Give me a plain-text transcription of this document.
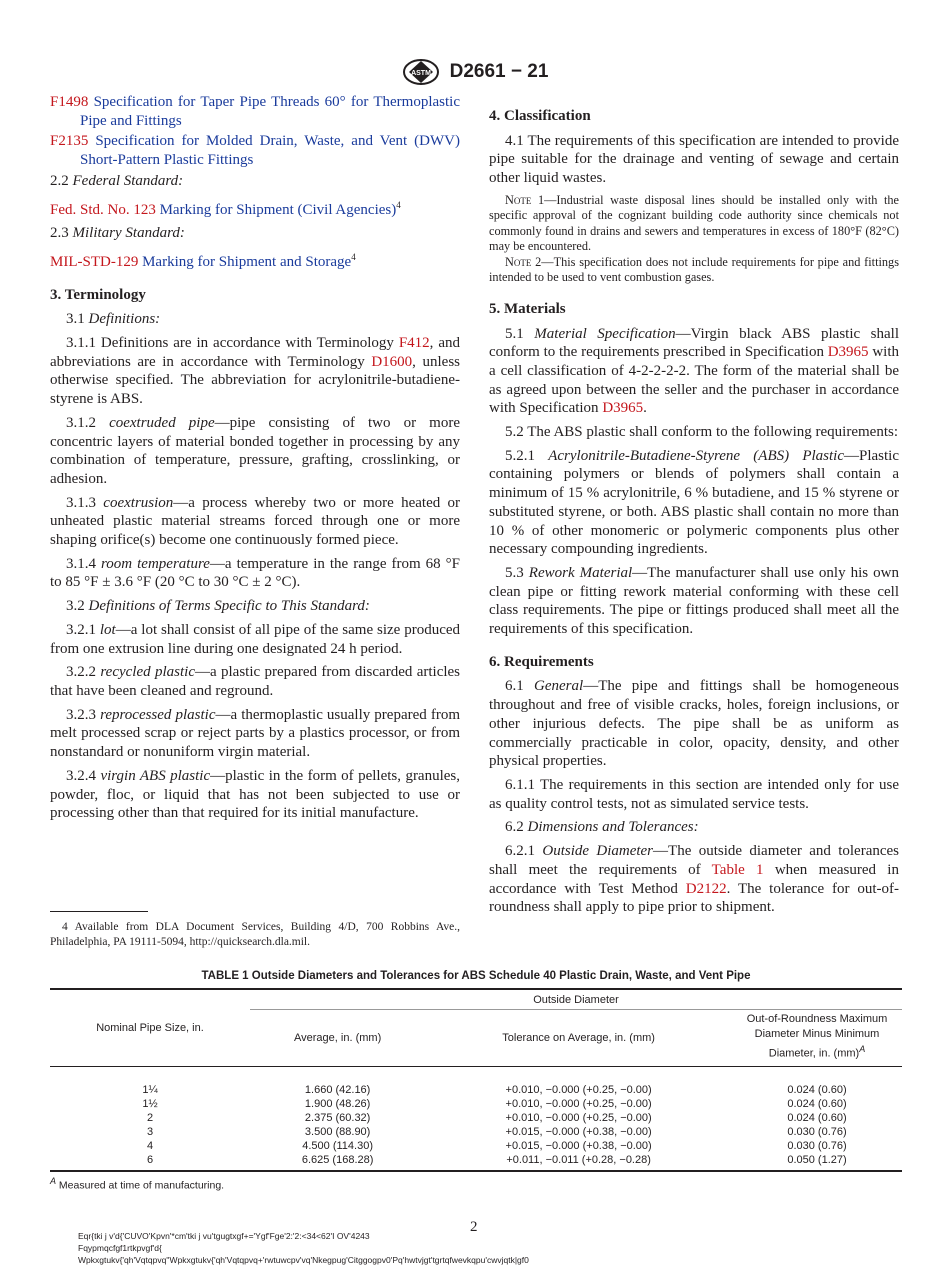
ASTM D2661 − 21

F1498 Specification for Taper Pipe Threads 60° for Thermoplastic Pipe and Fittings

F2135 Specification for Molded Drain, Waste, and Vent (DWV) Short-Pattern Plastic Fittings

2.2 Federal Standard:

Fed. Std. No. 123 Marking for Shipment (Civil Agencies)$^4$

2.3 Military Standard:

MIL-STD-129 Marking for Shipment and Storage$^4$

3. Terminology

3.1 Definitions:

3.1.1 Definitions are in accordance with Terminology F412, and abbreviations are in accordance with Terminology D1600, unless otherwise specified. The abbreviation for acrylonitrile-butadiene-styrene is ABS.

3.1.2 coextruded pipe—pipe consisting of two or more concentric layers of material bonded together in processing by any combination of temperature, pressure, grafting, crosslinking, or adhesion.

3.1.3 coextrusion—a process whereby two or more heated or unheated plastic material streams forced through one or more shaping orifice(s) become one continuously formed piece.

3.1.4 room temperature—a temperature in the range from 68 °F to 85 °F ± 3.6 °F (20 °C to 30 °C ± 2 °C).

3.2 Definitions of Terms Specific to This Standard:

3.2.1 lot—a lot shall consist of all pipe of the same size produced from one extrusion line during one designated 24 h period.

3.2.2 recycled plastic—a plastic prepared from discarded articles that have been cleaned and reground.

3.2.3 reprocessed plastic—a thermoplastic usually prepared from melt processed scrap or reject parts by a plastics processor, or from nonstandard or nonuniform virgin material.

3.2.4 virgin ABS plastic—plastic in the form of pellets, granules, powder, floc, or liquid that has not been subjected to use or processing other than that required for its initial manufacture.

4. Classification

4.1 The requirements of this specification are intended to provide pipe suitable for the drainage and venting of sewage and certain other liquid wastes.

Note 1—Industrial waste disposal lines should be installed only with the specific approval of the cognizant building code authority since chemicals not commonly found in drains and sewers and temperatures in excess of 180°F (82°C) may be encountered.

Note 2—This specification does not include requirements for pipe and fittings intended to be used to vent combustion gases.

5. Materials

5.1 Material Specification—Virgin black ABS plastic shall conform to the requirements prescribed in Specification D3965 with a cell classification of 4-2-2-2-2. The form of the material shall be as agreed upon between the seller and the purchaser in accordance with Specification D3965.

5.2 The ABS plastic shall conform to the following requirements:

5.2.1 Acrylonitrile-Butadiene-Styrene (ABS) Plastic—Plastic containing polymers or blends of polymers shall contain a minimum of 15 % acrylonitrile, 6 % butadiene, and 15 % styrene or substituted styrene, or both. ABS plastic shall contain no more than 10 % of other monomeric or polymeric components plus other necessary compounding ingredients.

5.3 Rework Material—The manufacturer shall use only his own clean pipe or fitting rework material conforming with these cell class requirements. The pipe or fittings produced shall meet all the requirements of this specification.

6. Requirements

6.1 General—The pipe and fittings shall be homogeneous throughout and free of visible cracks, holes, foreign inclusions, or other injurious defects. The pipe shall be as uniform as commercially practicable in color, opacity, density, and other physical properties.

6.1.1 The requirements in this section are intended only for use as quality control tests, not as simulated service tests.

6.2 Dimensions and Tolerances:

6.2.1 Outside Diameter—The outside diameter and tolerances shall meet the requirements of Table 1 when measured in accordance with Test Method D2122. The tolerance for out-of-roundness shall apply to pipe prior to shipment.

4 Available from DLA Document Services, Building 4/D, 700 Robbins Ave., Philadelphia, PA 19111-5094, http://quicksearch.dla.mil.
TABLE 1 Outside Diameters and Tolerances for ABS Schedule 40 Plastic Drain, Waste, and Vent Pipe
Nominal Pipe Size, in.	Outside Diameter		
	Average, in. (mm)	Tolerance on Average, in. (mm)	Out-of-Roundness Maximum Diameter Minus Minimum Diameter, in. (mm)$^A$

1¼	1.660 (42.16)	+0.010, −0.000 (+0.25, −0.00)	0.024 (0.60)
1½	1.900 (48.26)	+0.010, −0.000 (+0.25, −0.00)	0.024 (0.60)
2	2.375 (60.32)	+0.010, −0.000 (+0.25, −0.00)	0.024 (0.60)
3	3.500 (88.90)	+0.015, −0.000 (+0.38, −0.00)	0.030 (0.76)
4	4.500 (114.30)	+0.015, −0.000 (+0.38, −0.00)	0.030 (0.76)
6	6.625 (168.28)	+0.011, −0.011 (+0.28, −0.28)	0.050 (1.27)
$^A$ Measured at time of manufacturing.
2
Eqr{tki j v'd{'CUVO'Kpvn'*cm'tki j vu'tgugtxgf+='Ygf'Fge'2:'2:<34<62'I OV'4243
Fqypmqcfgf1rtkpvgf'd{
Wpkxgtukv{'qh'Vqtqpvq''Wpkxgtukv{'qh'Vqtqpvq+'rwtuwcpv'vq'Nkegpug'Citggogpv0'Pq'hwtvjgt'tgrtqfwevkqpu'cwvjqtk|gf0
